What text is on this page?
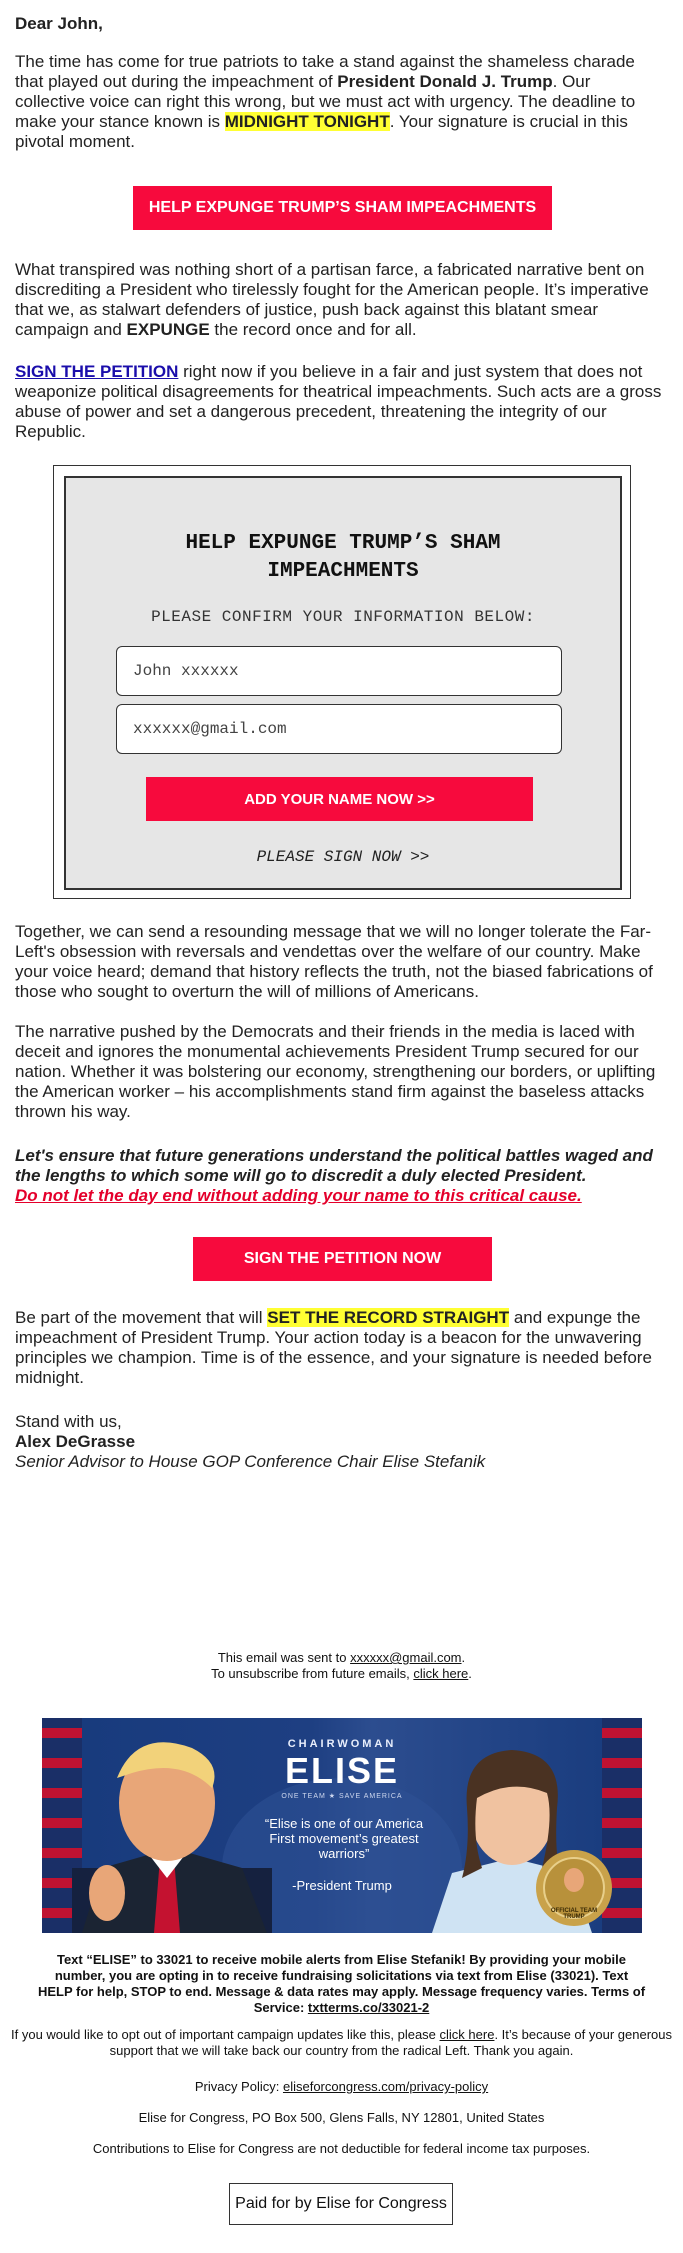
Dear John,

The time has come for true patriots to take a stand against the shameless charade that played out during the impeachment of President Donald J. Trump. Our collective voice can right this wrong, but we must act with urgency. The deadline to make your stance known is MIDNIGHT TONIGHT. Your signature is crucial in this pivotal moment.

HELP EXPUNGE TRUMP’S SHAM IMPEACHMENTS

What transpired was nothing short of a partisan farce, a fabricated narrative bent on discrediting a President who tirelessly fought for the American people. It’s imperative that we, as stalwart defenders of justice, push back against this blatant smear campaign and EXPUNGE the record once and for all.

SIGN THE PETITION right now if you believe in a fair and just system that does not weaponize political disagreements for theatrical impeachments. Such acts are a gross abuse of power and set a dangerous precedent, threatening the integrity of our Republic.

HELP EXPUNGE TRUMP’S SHAM IMPEACHMENTS
PLEASE CONFIRM YOUR INFORMATION BELOW:
John xxxxxx
xxxxxx@gmail.com
ADD YOUR NAME NOW >>
PLEASE SIGN NOW >>

Together, we can send a resounding message that we will no longer tolerate the Far-Left's obsession with reversals and vendettas over the welfare of our country. Make your voice heard; demand that history reflects the truth, not the biased fabrications of those who sought to overturn the will of millions of Americans.

The narrative pushed by the Democrats and their friends in the media is laced with deceit and ignores the monumental achievements President Trump secured for our nation. Whether it was bolstering our economy, strengthening our borders, or uplifting the American worker – his accomplishments stand firm against the baseless attacks thrown his way.

Let's ensure that future generations understand the political battles waged and the lengths to which some will go to discredit a duly elected President.
Do not let the day end without adding your name to this critical cause.

SIGN THE PETITION NOW

Be part of the movement that will SET THE RECORD STRAIGHT and expunge the impeachment of President Trump. Your action today is a beacon for the unwavering principles we champion. Time is of the essence, and your signature is needed before midnight.

Stand with us,
Alex DeGrasse
Senior Advisor to House GOP Conference Chair Elise Stefanik

This email was sent to xxxxxx@gmail.com.
To unsubscribe from future emails, click here.
CHAIRWOMAN
ELISE
ONE TEAM ★ SAVE AMERICA
“Elise is one of our America First movement’s greatest warriors”
-President Trump
OFFICIAL TEAM TRUMP
Text “ELISE” to 33021 to receive mobile alerts from Elise Stefanik! By providing your mobile number, you are opting in to receive fundraising solicitations via text from Elise (33021). Text HELP for help, STOP to end. Message & data rates may apply. Message frequency varies. Terms of Service: txtterms.co/33021-2
If you would like to opt out of important campaign updates like this, please click here. It’s because of your generous support that we will take back our country from the radical Left. Thank you again.
Privacy Policy: eliseforcongress.com/privacy-policy
Elise for Congress, PO Box 500, Glens Falls, NY 12801, United States
Contributions to Elise for Congress are not deductible for federal income tax purposes.
Paid for by Elise for Congress
